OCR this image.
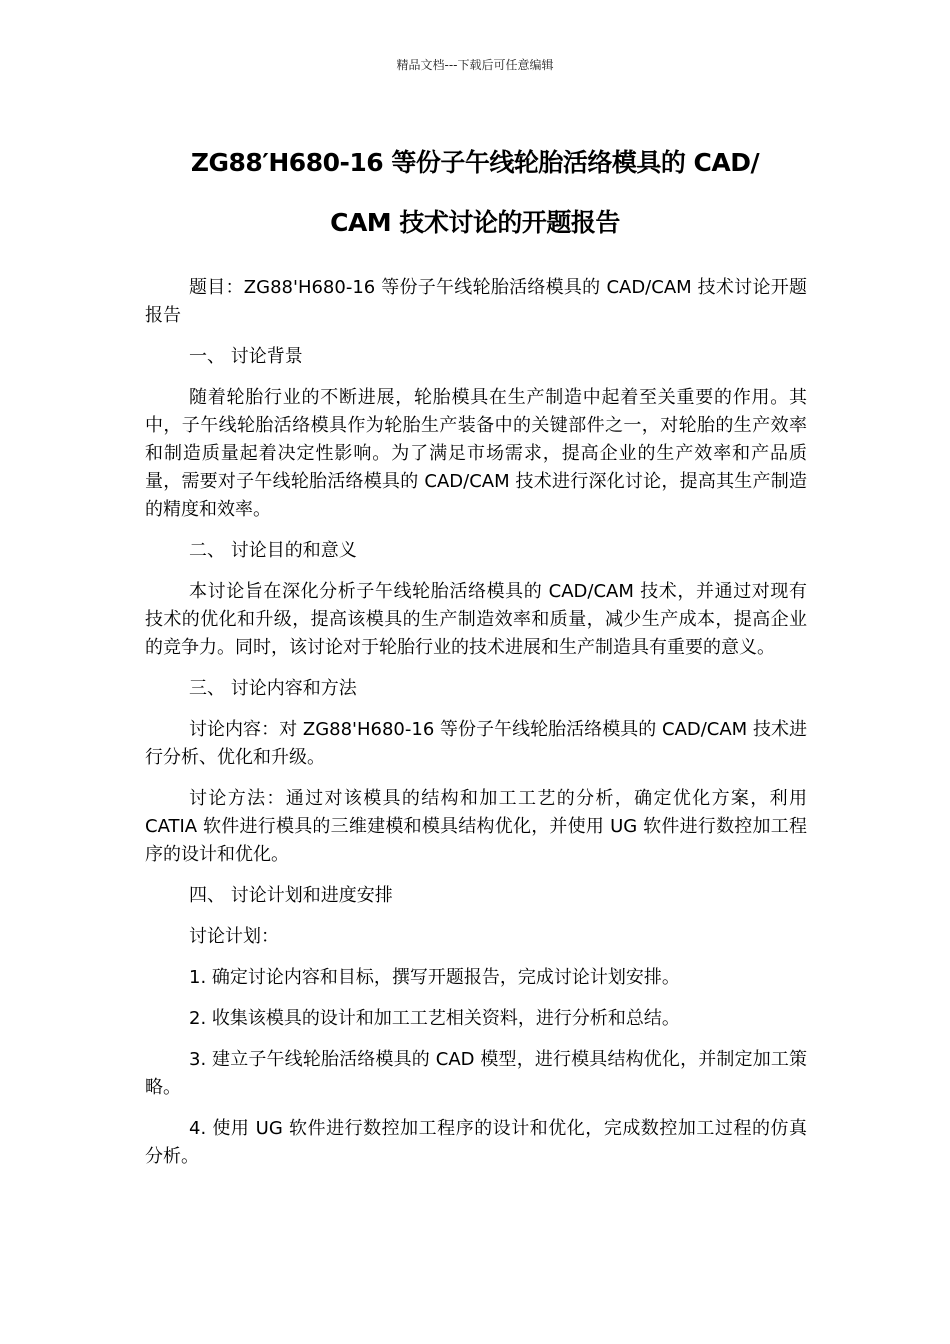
精品文档---下载后可任意编辑
ZG88′H680-16 等份子午线轮胎活络模具的 CAD/
CAM 技术讨论的开题报告

题目：ZG88'H680-16 等份子午线轮胎活络模具的 CAD/CAM 技术讨论开题报告

一、 讨论背景

随着轮胎行业的不断进展，轮胎模具在生产制造中起着至关重要的作用。其中，子午线轮胎活络模具作为轮胎生产装备中的关键部件之一，对轮胎的生产效率和制造质量起着决定性影响。为了满足市场需求，提高企业的生产效率和产品质量，需要对子午线轮胎活络模具的 CAD/CAM 技术进行深化讨论，提高其生产制造的精度和效率。

二、 讨论目的和意义

本讨论旨在深化分析子午线轮胎活络模具的 CAD/CAM 技术，并通过对现有技术的优化和升级，提高该模具的生产制造效率和质量，减少生产成本，提高企业的竞争力。同时，该讨论对于轮胎行业的技术进展和生产制造具有重要的意义。

三、 讨论内容和方法

讨论内容：对 ZG88'H680-16 等份子午线轮胎活络模具的 CAD/CAM 技术进行分析、优化和升级。

讨论方法：通过对该模具的结构和加工工艺的分析，确定优化方案，利用 CATIA 软件进行模具的三维建模和模具结构优化，并使用 UG 软件进行数控加工程序的设计和优化。

四、 讨论计划和进度安排

讨论计划：

1. 确定讨论内容和目标，撰写开题报告，完成讨论计划安排。

2. 收集该模具的设计和加工工艺相关资料，进行分析和总结。

3. 建立子午线轮胎活络模具的 CAD 模型，进行模具结构优化，并制定加工策略。

4. 使用 UG 软件进行数控加工程序的设计和优化，完成数控加工过程的仿真分析。
